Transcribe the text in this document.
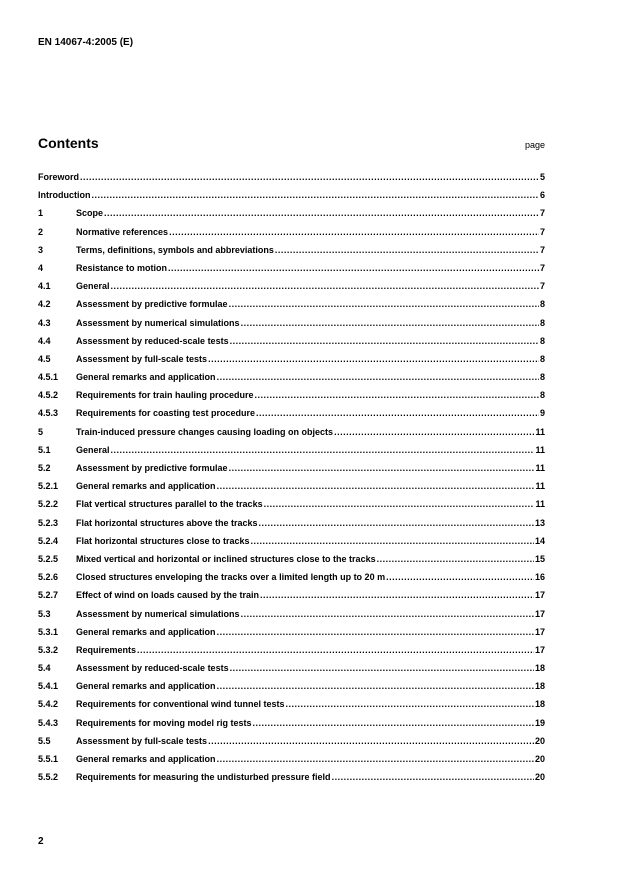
EN 14067-4:2005 (E)
Contents	page
Foreword .....	5
Introduction .....	6
1	Scope .....	7
2	Normative references .....	7
3	Terms, definitions, symbols and abbreviations .....	7
4	Resistance to motion .....	7
4.1	General .....	7
4.2	Assessment by predictive formulae .....	8
4.3	Assessment by numerical simulations .....	8
4.4	Assessment by reduced-scale tests .....	8
4.5	Assessment by full-scale tests .....	8
4.5.1	General remarks and application .....	8
4.5.2	Requirements for train hauling procedure .....	8
4.5.3	Requirements for coasting test procedure .....	9
5	Train-induced pressure changes causing loading on objects .....	11
5.1	General .....	11
5.2	Assessment by predictive formulae .....	11
5.2.1	General remarks and application .....	11
5.2.2	Flat vertical structures parallel to the tracks .....	11
5.2.3	Flat horizontal structures above the tracks .....	13
5.2.4	Flat horizontal structures close to tracks .....	14
5.2.5	Mixed vertical and horizontal or inclined structures close to the tracks .....	15
5.2.6	Closed structures enveloping the tracks over a limited length up to 20 m .....	16
5.2.7	Effect of wind on loads caused by the train .....	17
5.3	Assessment by numerical simulations .....	17
5.3.1	General remarks and application .....	17
5.3.2	Requirements .....	17
5.4	Assessment by reduced-scale tests .....	18
5.4.1	General remarks and application .....	18
5.4.2	Requirements for conventional wind tunnel tests .....	18
5.4.3	Requirements for moving model rig tests .....	19
5.5	Assessment by full-scale tests .....	20
5.5.1	General remarks and application .....	20
5.5.2	Requirements for measuring the undisturbed pressure field .....	20
2
